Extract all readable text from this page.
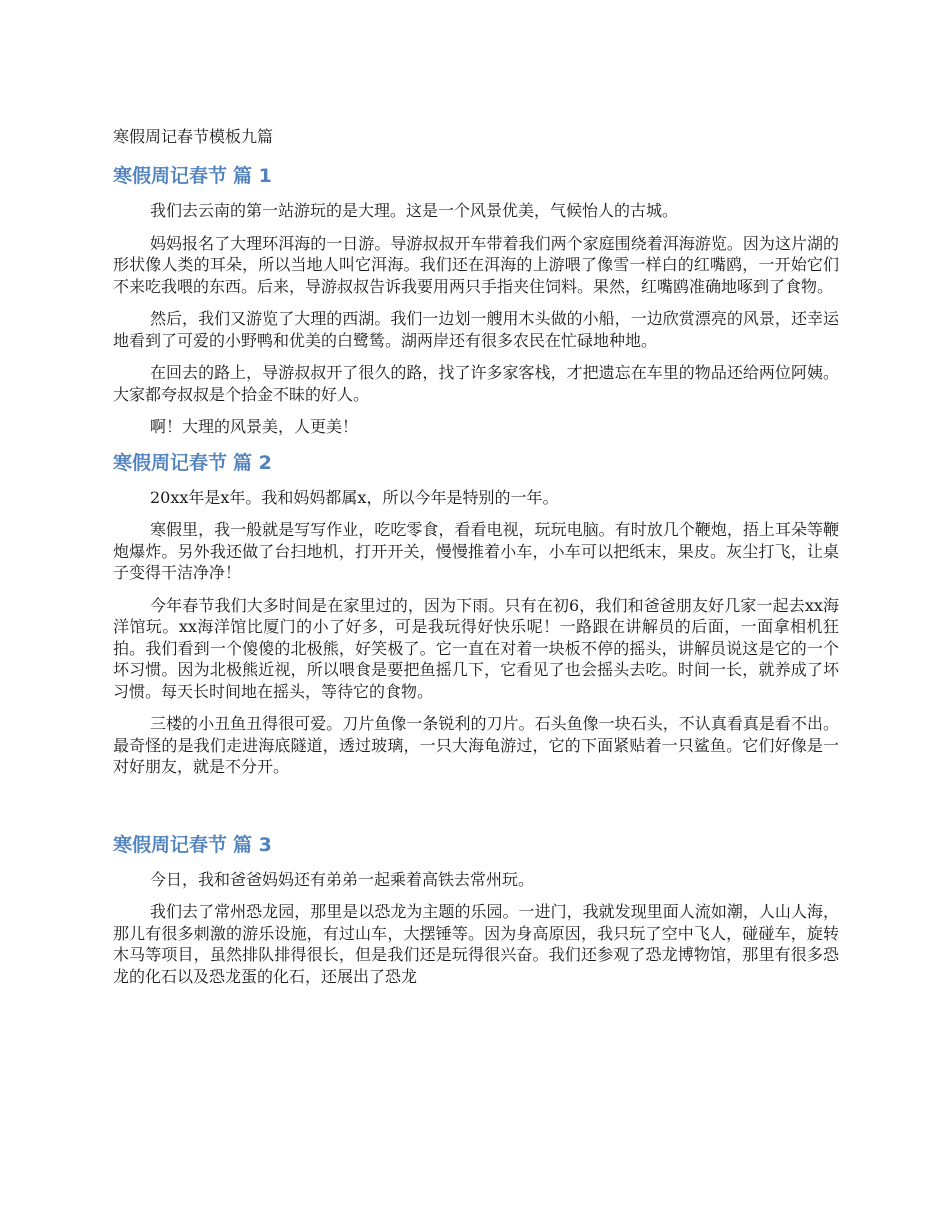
寒假周记春节模板九篇
寒假周记春节 篇 1

我们去云南的第一站游玩的是大理。这是一个风景优美，气候怡人的古城。

妈妈报名了大理环洱海的一日游。导游叔叔开车带着我们两个家庭围绕着洱海游览。因为这片湖的形状像人类的耳朵，所以当地人叫它洱海。我们还在洱海的上游喂了像雪一样白的红嘴鸥，一开始它们不来吃我喂的东西。后来，导游叔叔告诉我要用两只手指夹住饲料。果然，红嘴鸥准确地啄到了食物。

然后，我们又游览了大理的西湖。我们一边划一艘用木头做的小船，一边欣赏漂亮的风景，还幸运地看到了可爱的小野鸭和优美的白鹭鸶。湖两岸还有很多农民在忙碌地种地。

在回去的路上，导游叔叔开了很久的路，找了许多家客栈，才把遗忘在车里的物品还给两位阿姨。大家都夸叔叔是个拾金不昧的好人。

啊！大理的风景美，人更美！

寒假周记春节 篇 2

20xx年是x年。我和妈妈都属x，所以今年是特别的一年。

寒假里，我一般就是写写作业，吃吃零食，看看电视，玩玩电脑。有时放几个鞭炮，捂上耳朵等鞭炮爆炸。另外我还做了台扫地机，打开开关，慢慢推着小车，小车可以把纸末，果皮。灰尘打飞，让桌子变得干洁净净！

今年春节我们大多时间是在家里过的，因为下雨。只有在初6，我们和爸爸朋友好几家一起去xx海洋馆玩。xx海洋馆比厦门的小了好多，可是我玩得好快乐呢！一路跟在讲解员的后面，一面拿相机狂拍。我们看到一个傻傻的北极熊，好笑极了。它一直在对着一块板不停的摇头，讲解员说这是它的一个坏习惯。因为北极熊近视，所以喂食是要把鱼摇几下，它看见了也会摇头去吃。时间一长，就养成了坏习惯。每天长时间地在摇头，等待它的食物。

三楼的小丑鱼丑得很可爱。刀片鱼像一条锐利的刀片。石头鱼像一块石头，不认真看真是看不出。最奇怪的是我们走进海底隧道，透过玻璃，一只大海龟游过，它的下面紧贴着一只鲨鱼。它们好像是一对好朋友，就是不分开。

寒假周记春节 篇 3

今日，我和爸爸妈妈还有弟弟一起乘着高铁去常州玩。

我们去了常州恐龙园，那里是以恐龙为主题的乐园。一进门，我就发现里面人流如潮，人山人海，那儿有很多刺激的游乐设施，有过山车，大摆锤等。因为身高原因，我只玩了空中飞人，碰碰车，旋转木马等项目，虽然排队排得很长，但是我们还是玩得很兴奋。我们还参观了恐龙博物馆，那里有很多恐龙的化石以及恐龙蛋的化石，还展出了恐龙
